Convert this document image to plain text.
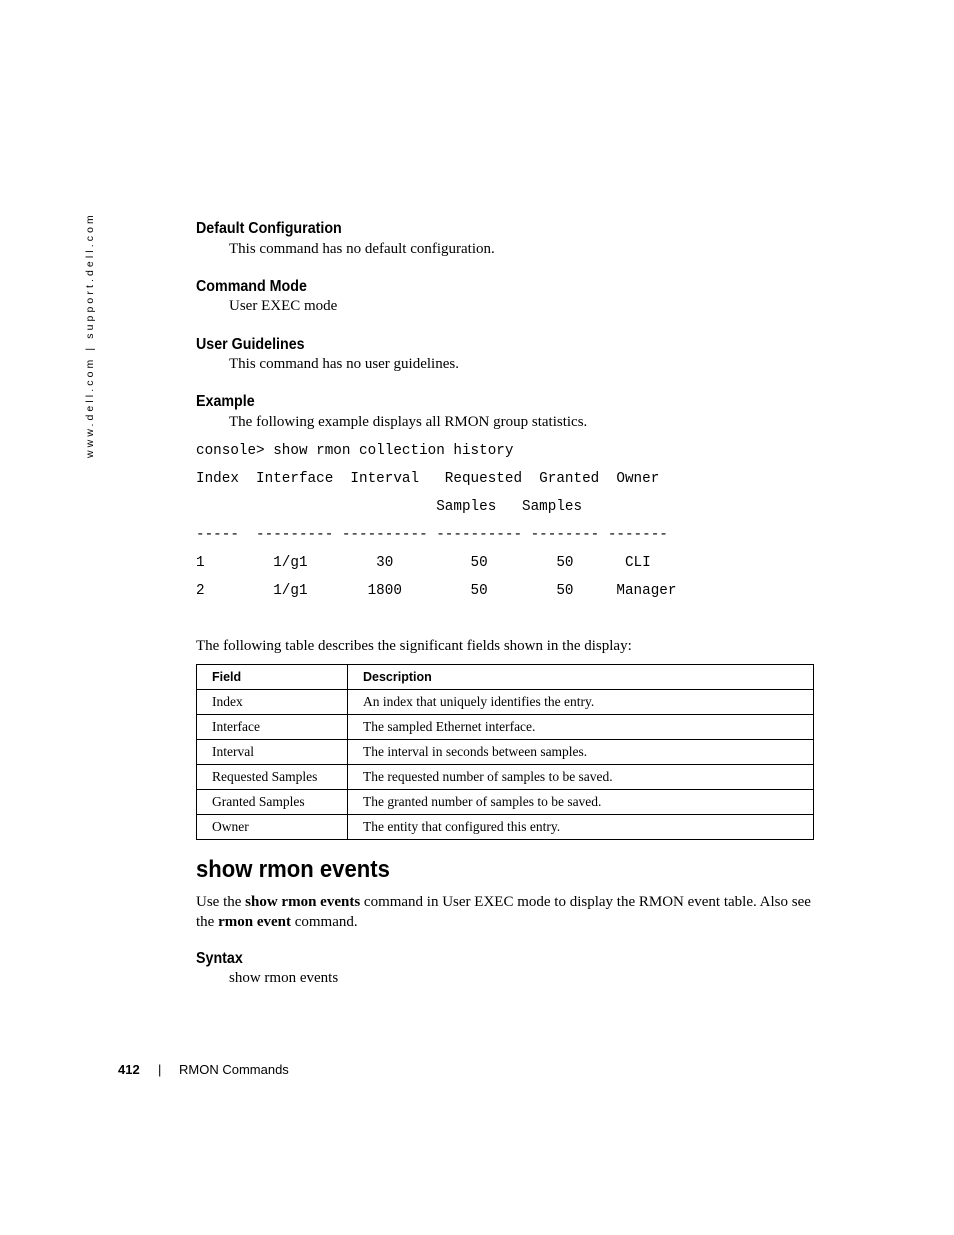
www.dell.com | support.dell.com	Default Configuration
This command has no default configuration.
Command Mode
User EXEC mode
User Guidelines
This command has no user guidelines.
Example
The following example displays all RMON group statistics.
console> show rmon collection history
Index  Interface  Interval   Requested  Granted  Owner
Samples   Samples
-----  --------- ---------- ---------- -------- -------
1        1/g1        30         50        50      CLI
2        1/g1       1800        50        50     Manager
The following table describes the significant fields shown in the display:
Field	Description
Index	An index that uniquely identifies the entry.
Interface	The sampled Ethernet interface.
Interval	The interval in seconds between samples.
Requested Samples	The requested number of samples to be saved.
Granted Samples	The granted number of samples to be saved.
Owner	The entity that configured this entry.
show rmon events
Use the show rmon events command in User EXEC mode to display the RMON event table. Also see the rmon event command.
Syntax
show rmon events
412 | RMON Commands
